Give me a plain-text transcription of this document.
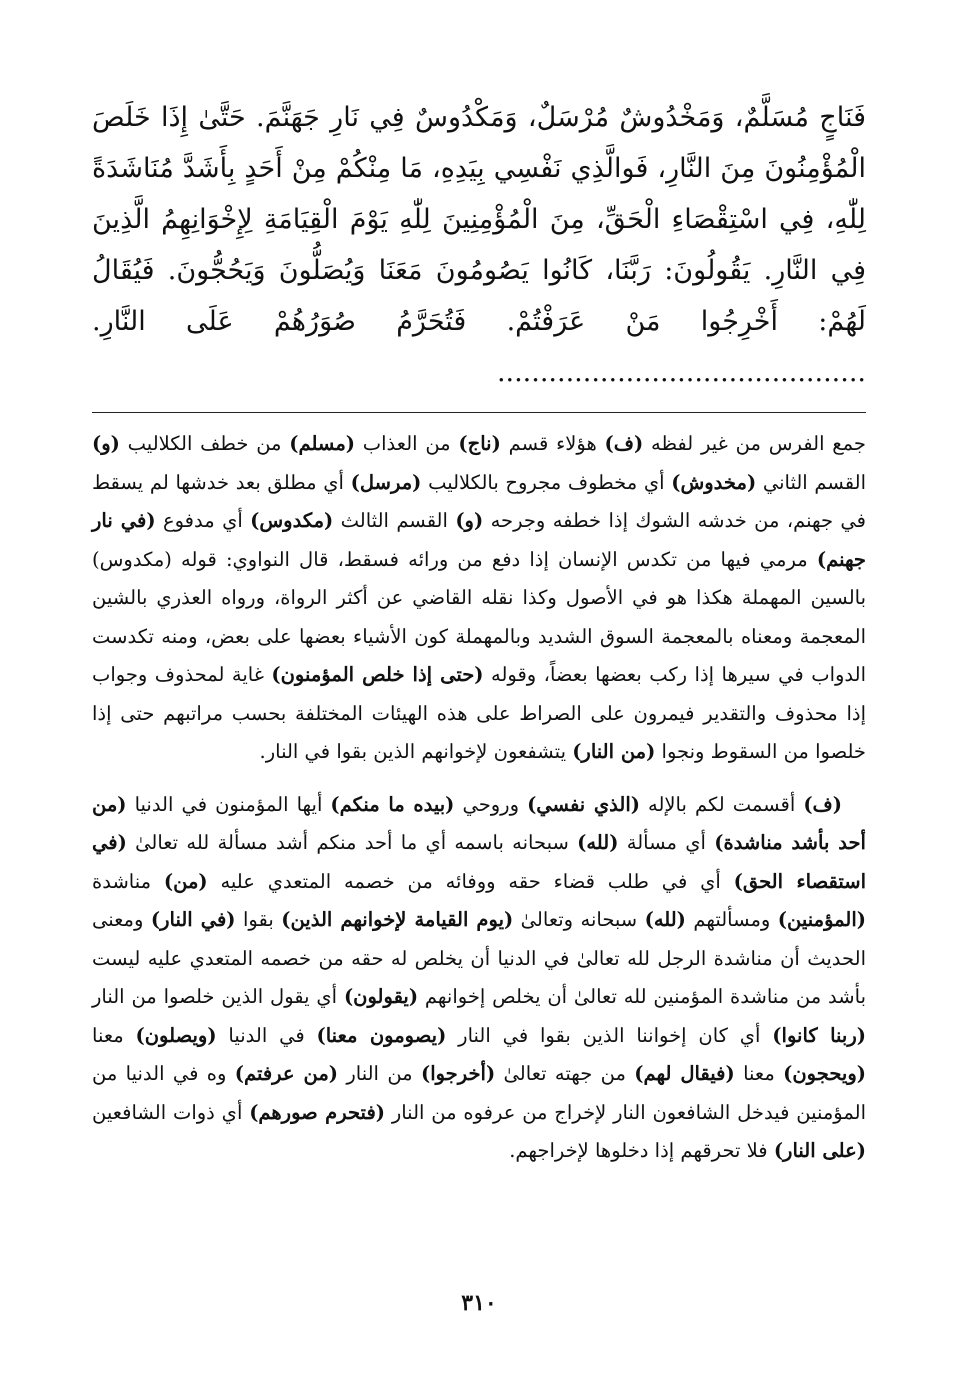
فَنَاجٍ مُسَلَّمٌ، وَمَخْدُوشٌ مُرْسَلٌ، وَمَكْدُوسٌ فِي نَارِ جَهَنَّمَ. حَتَّىٰ إِذَا خَلَصَ الْمُؤْمِنُونَ مِنَ النَّارِ، فَوالَّذِي نَفْسِي بِيَدِهِ، مَا مِنْكُمْ مِنْ أَحَدٍ بِأَشَدَّ مُنَاشَدَةً لِلّٰهِ، فِي اسْتِقْصَاءِ الْحَقِّ، مِنَ الْمُؤْمِنِينَ لِلّٰهِ يَوْمَ الْقِيَامَةِ لِإِخْوَانِهِمُ الَّذِينَ فِي النَّارِ. يَقُولُونَ: رَبَّنَا، كَانُوا يَصُومُونَ مَعَنَا وَيُصَلُّونَ وَيَحُجُّونَ. فَيُقَالُ لَهُمْ: أَخْرِجُوا مَنْ عَرَفْتُمْ. فَتُحَرَّمُ صُوَرُهُمْ عَلَى النَّارِ. ...........................................

جمع الفرس من غير لفظه (ف) هؤلاء قسم (ناج) من العذاب (مسلم) من خطف الكلاليب (و) القسم الثاني (مخدوش) أي مخطوف مجروح بالكلاليب (مرسل) أي مطلق بعد خدشها لم يسقط في جهنم، من خدشه الشوك إذا خطفه وجرحه (و) القسم الثالث (مكدوس) أي مدفوع (في نار جهنم) مرمي فيها من تكدس الإنسان إذا دفع من ورائه فسقط، قال النواوي: قوله (مكدوس) بالسين المهملة هكذا هو في الأصول وكذا نقله القاضي عن أكثر الرواة، ورواه العذري بالشين المعجمة ومعناه بالمعجمة السوق الشديد وبالمهملة كون الأشياء بعضها على بعض، ومنه تكدست الدواب في سيرها إذا ركب بعضها بعضاً، وقوله (حتى إذا خلص المؤمنون) غاية لمحذوف وجواب إذا محذوف والتقدير فيمرون على الصراط على هذه الهيئات المختلفة بحسب مراتبهم حتى إذا خلصوا من السقوط ونجوا (من النار) يتشفعون لإخوانهم الذين بقوا في النار.

(ف) أقسمت لكم بالإله (الذي نفسي) وروحي (بيده ما منكم) أيها المؤمنون في الدنيا (من أحد بأشد مناشدة) أي مسألة (لله) سبحانه باسمه أي ما أحد منكم أشد مسألة لله تعالىٰ (في استقصاء الحق) أي في طلب قضاء حقه ووفائه من خصمه المتعدي عليه (من) مناشدة (المؤمنين) ومسألتهم (لله) سبحانه وتعالىٰ (يوم القيامة لإخوانهم الذين) بقوا (في النار) ومعنى الحديث أن مناشدة الرجل لله تعالىٰ في الدنيا أن يخلص له حقه من خصمه المتعدي عليه ليست بأشد من مناشدة المؤمنين لله تعالىٰ أن يخلص إخوانهم (يقولون) أي يقول الذين خلصوا من النار (ربنا كانوا) أي كان إخواننا الذين بقوا في النار (يصومون معنا) في الدنيا (ويصلون) معنا (ويحجون) معنا (فيقال لهم) من جهته تعالىٰ (أخرجوا) من النار (من عرفتم) وه في الدنيا من المؤمنين فيدخل الشافعون النار لإخراج من عرفوه من النار (فتحرم صورهم) أي ذوات الشافعين (على النار) فلا تحرقهم إذا دخلوها لإخراجهم.

٣١٠
